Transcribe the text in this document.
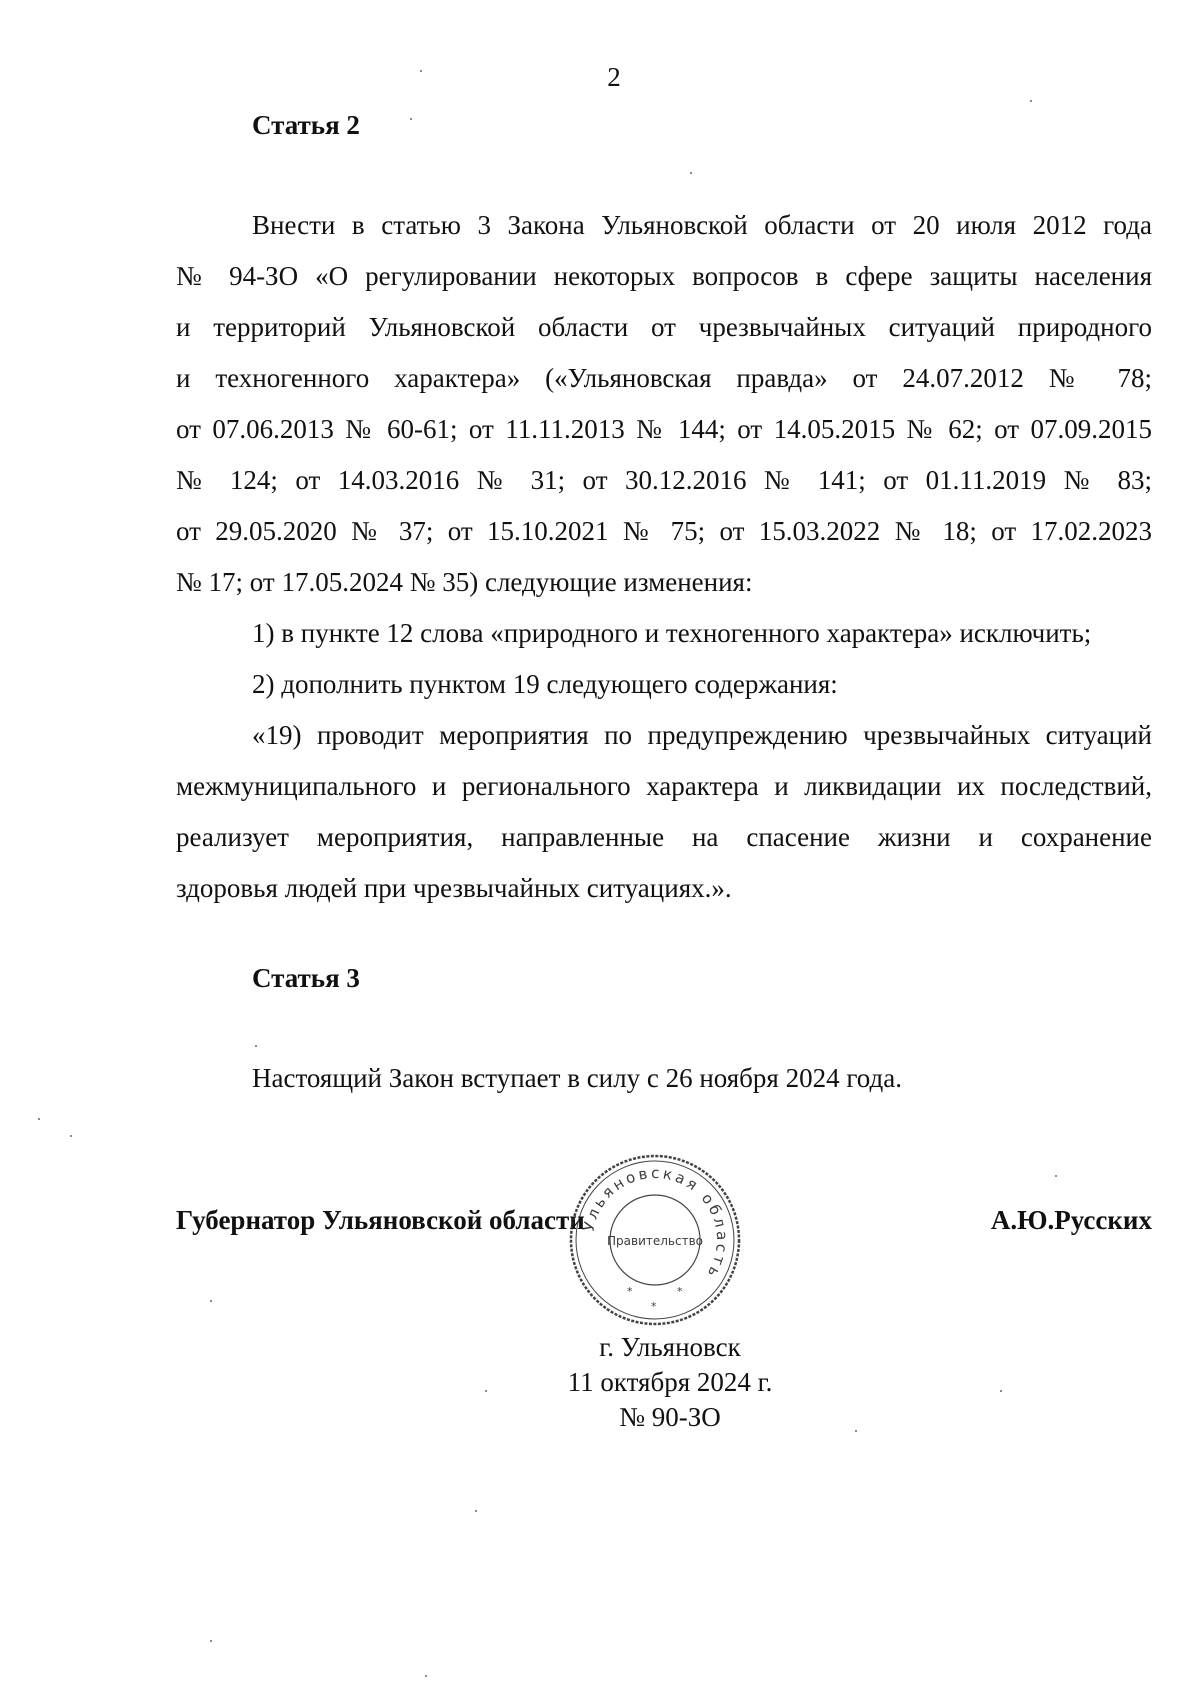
2
Статья 2
Внести в статью 3 Закона Ульяновской области от 20 июля 2012 года
№ 94-ЗО «О регулировании некоторых вопросов в сфере защиты населения
и территорий Ульяновской области от чрезвычайных ситуаций природного
и техногенного характера» («Ульяновская правда» от 24.07.2012 № 78;
от 07.06.2013 № 60-61; от 11.11.2013 № 144; от 14.05.2015 № 62; от 07.09.2015
№ 124; от 14.03.2016 № 31; от 30.12.2016 № 141; от 01.11.2019 № 83;
от 29.05.2020 № 37; от 15.10.2021 № 75; от 15.03.2022 № 18; от 17.02.2023
№ 17; от 17.05.2024 № 35) следующие изменения:
1) в пункте 12 слова «природного и техногенного характера» исключить;
2) дополнить пунктом 19 следующего содержания:
«19) проводит мероприятия по предупреждению чрезвычайных ситуаций
межмуниципального и регионального характера и ликвидации их последствий,
реализует мероприятия, направленные на спасение жизни и сохранение
здоровья людей при чрезвычайных ситуациях.».
Статья 3
Настоящий Закон вступает в силу с 26 ноября 2024 года.
Губернатор Ульяновской области	А.Ю.Русских
Ульяновская область
Правительство
*	*
*
г. Ульяновск
11 октября 2024 г.
№ 90-ЗО
